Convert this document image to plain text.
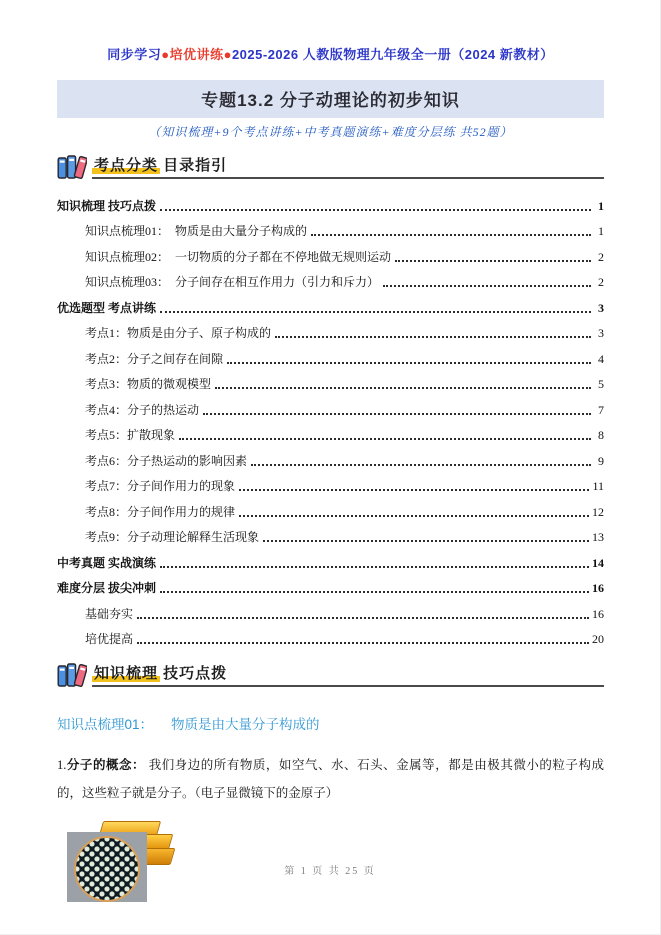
同步学习●培优讲练●2025-2026 人教版物理九年级全一册（2024 新教材）
专题13.2 分子动理论的初步知识
（知识梳理+9个考点讲练+中考真题演练+难度分层练 共52题）
考点分类 目录指引
知识梳理 技巧点拨	1
知识点梳理01：　物质是由大量分子构成的	1
知识点梳理02：　一切物质的分子都在不停地做无规则运动	2
知识点梳理03：　分子间存在相互作用力（引力和斥力）	2
优选题型 考点讲练	3
考点1：物质是由分子、原子构成的	3
考点2：分子之间存在间隙	4
考点3：物质的微观模型	5
考点4：分子的热运动	7
考点5：扩散现象	8
考点6：分子热运动的影响因素	9
考点7：分子间作用力的现象	11
考点8：分子间作用力的规律	12
考点9：分子动理论解释生活现象	13
中考真题 实战演练	14
难度分层 拔尖冲刺	16
基础夯实	16
培优提高	20
知识梳理 技巧点拨
知识点梳理01： 物质是由大量分子构成的
1.分子的概念： 我们身边的所有物质，如空气、水、石头、金属等，都是由极其微小的粒子构成的，这些粒子就是分子。（电子显微镜下的金原子）
第 1 页 共 25 页
